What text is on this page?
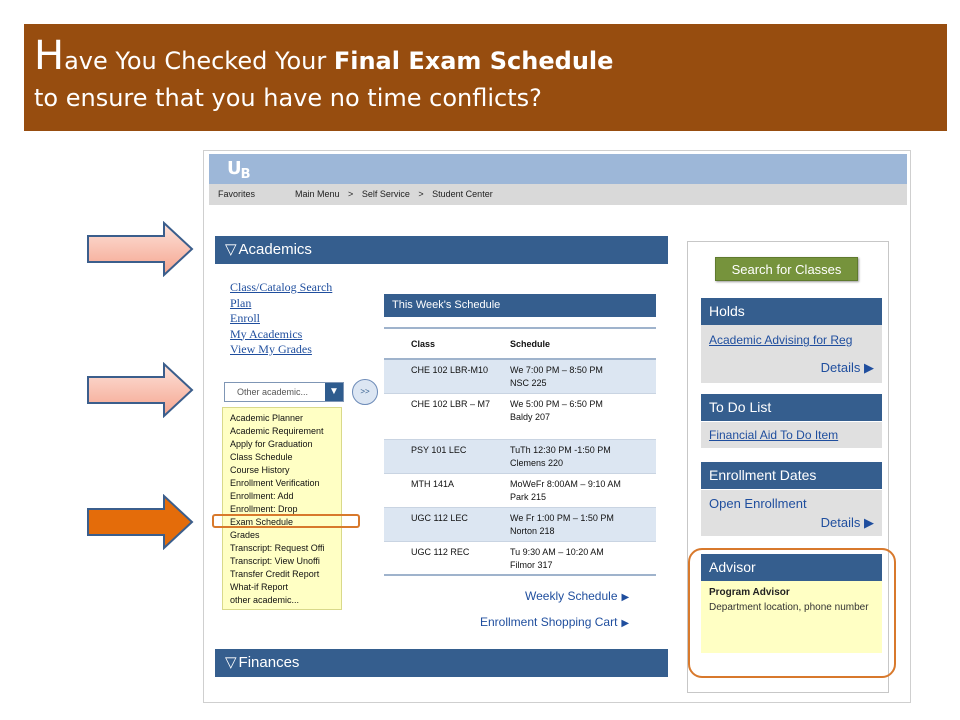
Have You Checked Your Final Exam Schedule
to ensure that you have no time conflicts?
$U_B$
Favorites	Main Menu > Self Service > Student Center
▽ Academics
Class/Catalog Search
Plan
Enroll
My Academics
View My Grades
Other academic...	▼	>>
Academic Planner
Academic Requirement
Apply for Graduation
Class Schedule
Course History
Enrollment Verification
Enrollment: Add
Enrollment: Drop
Exam Schedule
Grades
Transcript: Request Offi
Transcript: View Unoffi
Transfer Credit Report
What-if Report
other academic...
This Week's Schedule
Class	Schedule
CHE 102 LBR-M10 We 7:00 PM – 8:50 PM
NSC 225
CHE 102 LBR – M7 We 5:00 PM – 6:50 PM
Baldy 207
PSY 101 LEC	TuTh 12:30 PM -1:50 PM
Clemens 220
MTH 141A	MoWeFr 8:00AM – 9:10 AM
Park 215
UGC 112 LEC	We Fr 1:00 PM – 1:50 PM
Norton 218
UGC 112 REC	Tu 9:30 AM – 10:20 AM
Filmor 317
Weekly Schedule ▶
Enrollment Shopping Cart ▶
▽ Finances
Search for Classes
Holds
Academic Advising for Reg
Details ▶
To Do List
Financial Aid To Do Item
Enrollment Dates
Open Enrollment
Details ▶
Advisor
Program Advisor
Department location, phone number
